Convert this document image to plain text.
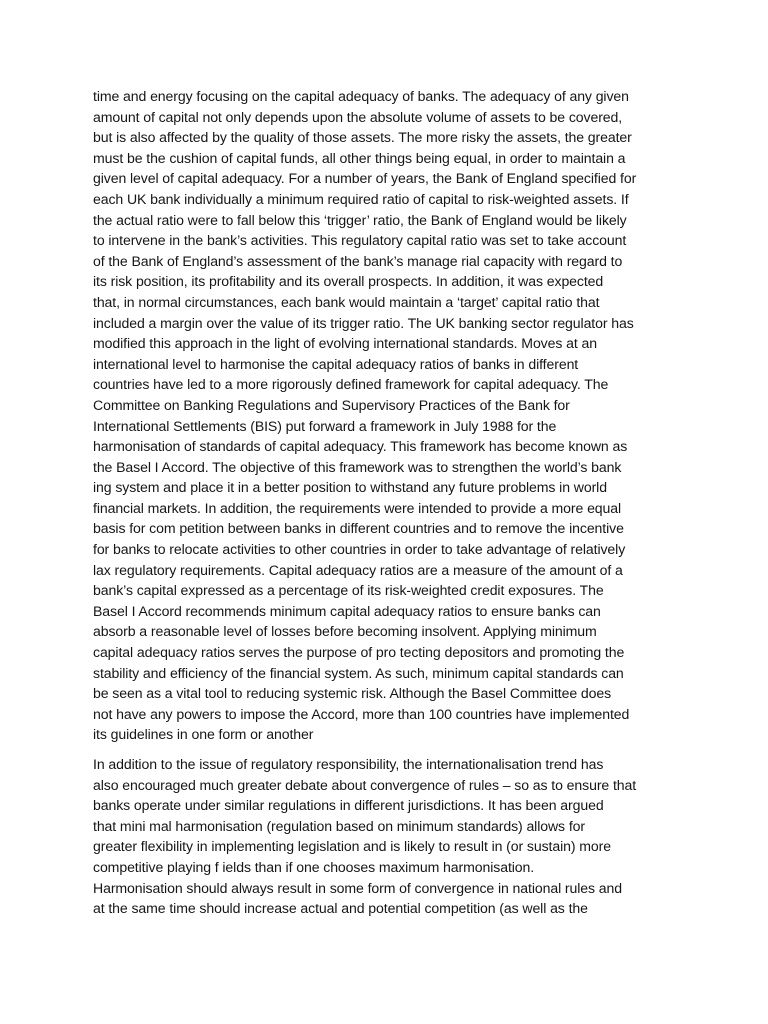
time and energy focusing on the capital adequacy of banks. The adequacy of any given
amount of capital not only depends upon the absolute volume of assets to be covered,
but is also affected by the quality of those assets. The more risky the assets, the greater
must be the cushion of capital funds, all other things being equal, in order to maintain a
given level of capital adequacy. For a number of years, the Bank of England specified for
each UK bank individually a minimum required ratio of capital to risk-weighted assets. If
the actual ratio were to fall below this ‘trigger’ ratio, the Bank of England would be likely
to intervene in the bank’s activities. This regulatory capital ratio was set to take account
of the Bank of England’s assessment of the bank’s manage rial capacity with regard to
its risk position, its profitability and its overall prospects. In addition, it was expected
that, in normal circumstances, each bank would maintain a ‘target’ capital ratio that
included a margin over the value of its trigger ratio. The UK banking sector regulator has
modified this approach in the light of evolving international standards. Moves at an
international level to harmonise the capital adequacy ratios of banks in different
countries have led to a more rigorously defined framework for capital adequacy. The
Committee on Banking Regulations and Supervisory Practices of the Bank for
International Settlements (BIS) put forward a framework in July 1988 for the
harmonisation of standards of capital adequacy. This framework has become known as
the Basel I Accord. The objective of this framework was to strengthen the world’s bank
ing system and place it in a better position to withstand any future problems in world
financial markets. In addition, the requirements were intended to provide a more equal
basis for com petition between banks in different countries and to remove the incentive
for banks to relocate activities to other countries in order to take advantage of relatively
lax regulatory requirements. Capital adequacy ratios are a measure of the amount of a
bank’s capital expressed as a percentage of its risk-weighted credit exposures. The
Basel I Accord recommends minimum capital adequacy ratios to ensure banks can
absorb a reasonable level of losses before becoming insolvent. Applying minimum
capital adequacy ratios serves the purpose of pro tecting depositors and promoting the
stability and efficiency of the financial system. As such, minimum capital standards can
be seen as a vital tool to reducing systemic risk. Although the Basel Committee does
not have any powers to impose the Accord, more than 100 countries have implemented
its guidelines in one form or another

In addition to the issue of regulatory responsibility, the internationalisation trend has
also encouraged much greater debate about convergence of rules – so as to ensure that
banks operate under similar regulations in different jurisdictions. It has been argued
that mini mal harmonisation (regulation based on minimum standards) allows for
greater flexibility in implementing legislation and is likely to result in (or sustain) more
competitive playing f ields than if one chooses maximum harmonisation.
Harmonisation should always result in some form of convergence in national rules and
at the same time should increase actual and potential competition (as well as the
